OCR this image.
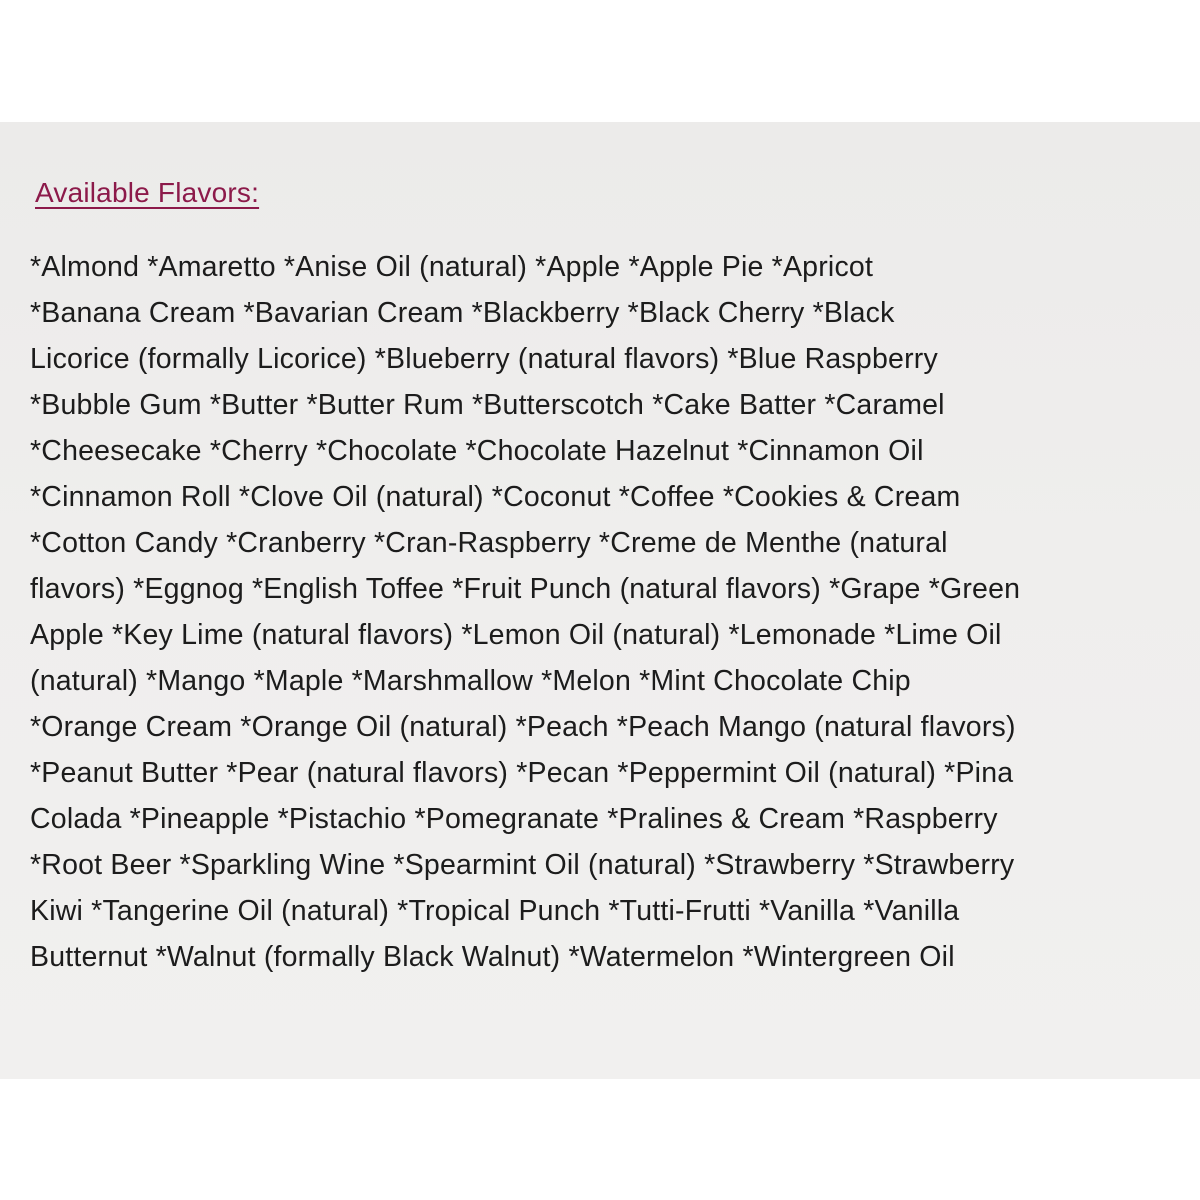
Available Flavors:
*Almond *Amaretto *Anise Oil (natural) *Apple *Apple Pie *Apricot
*Banana Cream *Bavarian Cream *Blackberry *Black Cherry *Black
Licorice (formally Licorice) *Blueberry (natural flavors) *Blue Raspberry
*Bubble Gum *Butter *Butter Rum *Butterscotch *Cake Batter *Caramel
*Cheesecake *Cherry *Chocolate *Chocolate Hazelnut *Cinnamon Oil
*Cinnamon Roll *Clove Oil (natural) *Coconut *Coffee *Cookies & Cream
*Cotton Candy *Cranberry *Cran-Raspberry *Creme de Menthe (natural
flavors) *Eggnog *English Toffee *Fruit Punch (natural flavors) *Grape *Green
Apple *Key Lime (natural flavors) *Lemon Oil (natural) *Lemonade *Lime Oil
(natural) *Mango *Maple *Marshmallow *Melon *Mint Chocolate Chip
*Orange Cream *Orange Oil (natural) *Peach *Peach Mango (natural flavors)
*Peanut Butter *Pear (natural flavors) *Pecan *Peppermint Oil (natural) *Pina
Colada *Pineapple *Pistachio *Pomegranate *Pralines & Cream *Raspberry
*Root Beer *Sparkling Wine *Spearmint Oil (natural) *Strawberry *Strawberry
Kiwi *Tangerine Oil (natural) *Tropical Punch *Tutti-Frutti *Vanilla *Vanilla
Butternut *Walnut (formally Black Walnut) *Watermelon *Wintergreen Oil
